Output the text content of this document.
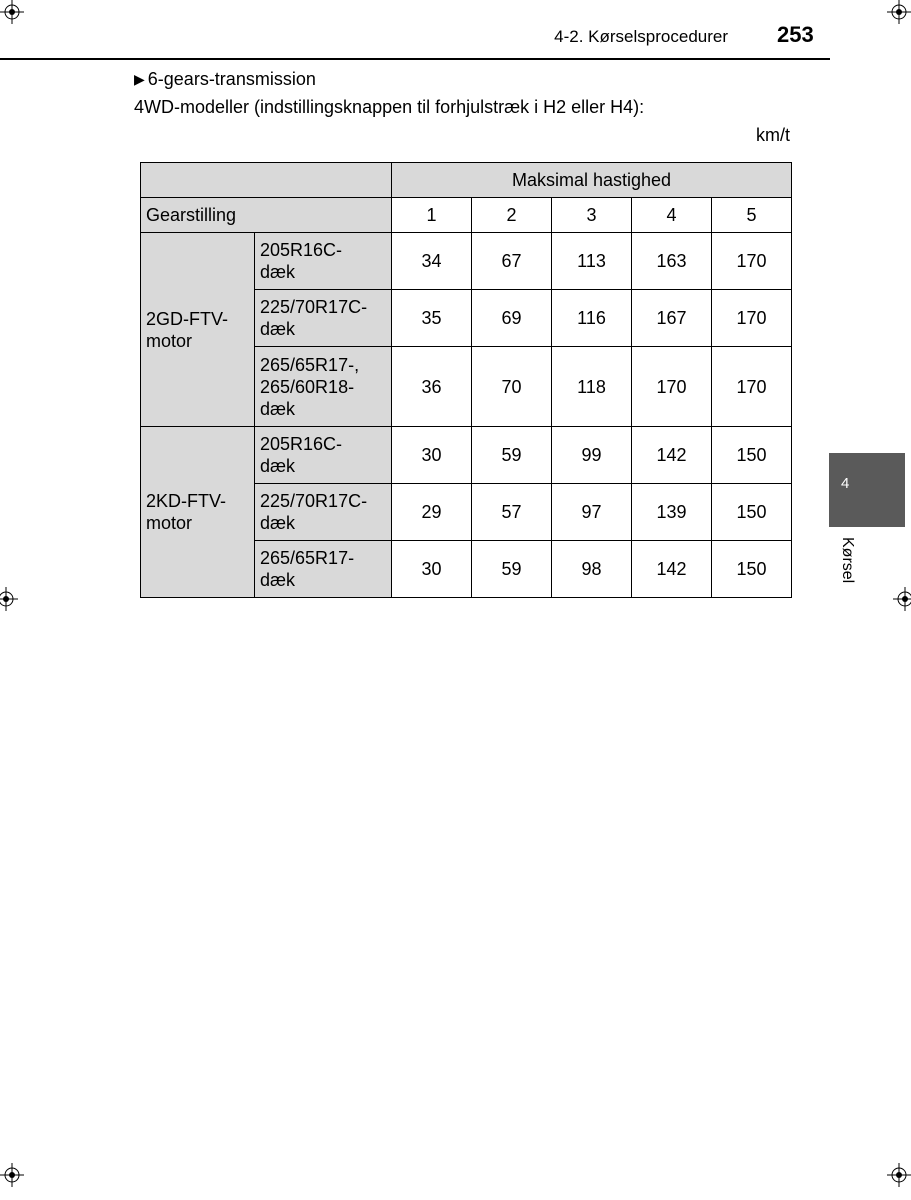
4-2. Kørselsprocedurer 253
▶ 6-gears-transmission
4WD-modeller (indstillingsknappen til forhjulstræk i H2 eller H4):
km/t
		Maksimal hastighed				
Gearstilling		1	2	3	4	5
2GD-FTV-
motor	205R16C-
dæk	34	67	113	163	170
	225/70R17C-
dæk	35	69	116	167	170
	265/65R17-,
265/60R18-
dæk	36	70	118	170	170
2KD-FTV-
motor	205R16C-
dæk	30	59	99	142	150
	225/70R17C-
dæk	29	57	97	139	150
	265/65R17-
dæk	30	59	98	142	150
4
Kørsel
